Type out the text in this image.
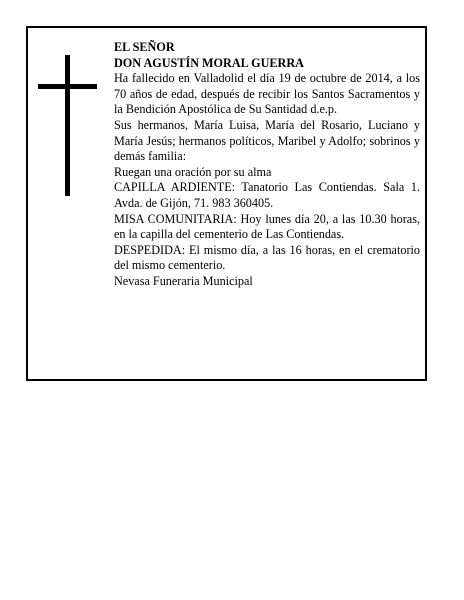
EL SEÑOR

DON AGUSTÍN MORAL GUERRA

Ha fallecido en Valladolid el día 19 de octubre de 2014, a los 70 años de edad, después de recibir los Santos Sacramentos y la Bendición Apostólica de Su Santidad d.e.p.

Sus hermanos, María Luisa, María del Rosario, Luciano y María Jesús; hermanos políticos, Maribel y Adolfo; sobrinos y demás familia:

Ruegan una oración por su alma

CAPILLA ARDIENTE: Tanatorio Las Contiendas. Sala 1. Avda. de Gijón, 71. 983 360405.

MISA COMUNITARIA: Hoy lunes día 20, a las 10.30 horas, en la capilla del cementerio de Las Contiendas.

DESPEDIDA: El mismo día, a las 16 horas, en el crematorio del mismo cementerio.

Nevasa Funeraria Municipal
